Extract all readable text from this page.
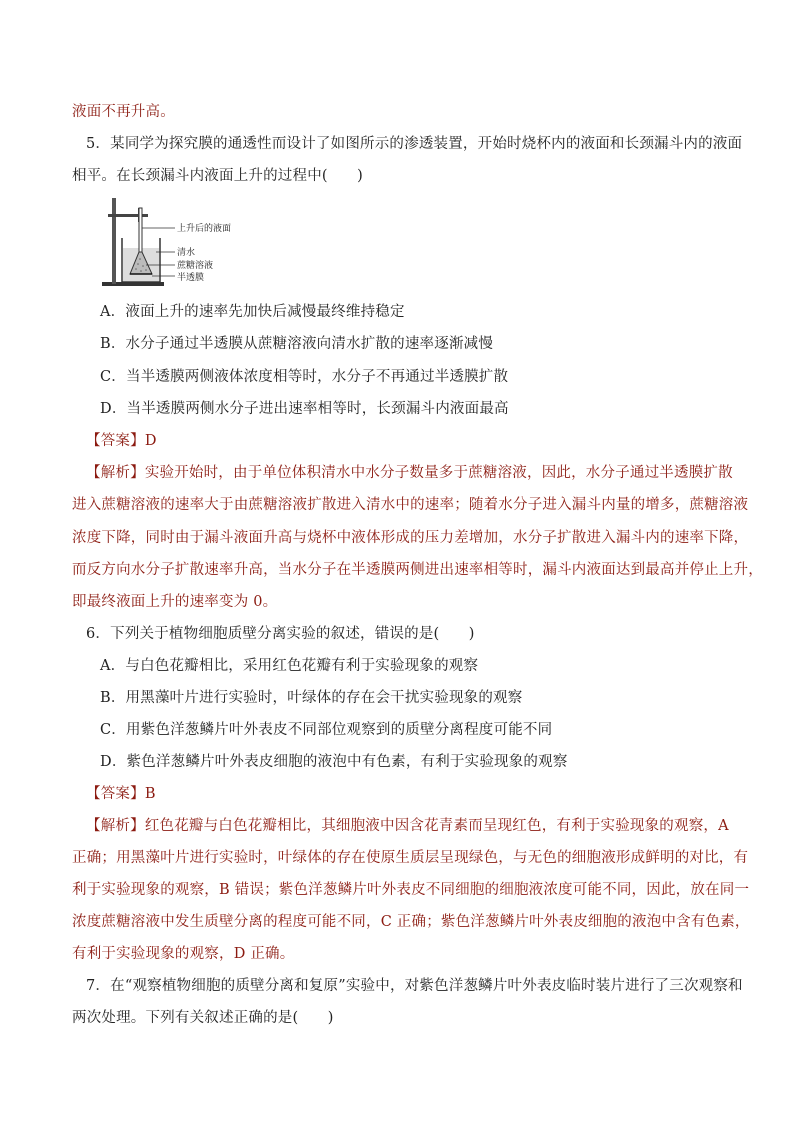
液面不再升高。
5．某同学为探究膜的通透性而设计了如图所示的渗透装置，开始时烧杯内的液面和长颈漏斗内的液面
相平。在长颈漏斗内液面上升的过程中(　　)
上升后的液面
清水
蔗糖溶液
半透膜
A．液面上升的速率先加快后减慢最终维持稳定
B．水分子通过半透膜从蔗糖溶液向清水扩散的速率逐渐减慢
C．当半透膜两侧液体浓度相等时，水分子不再通过半透膜扩散
D．当半透膜两侧水分子进出速率相等时，长颈漏斗内液面最高
【答案】D
【解析】实验开始时，由于单位体积清水中水分子数量多于蔗糖溶液，因此，水分子通过半透膜扩散
进入蔗糖溶液的速率大于由蔗糖溶液扩散进入清水中的速率；随着水分子进入漏斗内量的增多，蔗糖溶液
浓度下降，同时由于漏斗液面升高与烧杯中液体形成的压力差增加，水分子扩散进入漏斗内的速率下降，
而反方向水分子扩散速率升高，当水分子在半透膜两侧进出速率相等时，漏斗内液面达到最高并停止上升，
即最终液面上升的速率变为 0。
6．下列关于植物细胞质壁分离实验的叙述，错误的是(　　)
A．与白色花瓣相比，采用红色花瓣有利于实验现象的观察
B．用黑藻叶片进行实验时，叶绿体的存在会干扰实验现象的观察
C．用紫色洋葱鳞片叶外表皮不同部位观察到的质壁分离程度可能不同
D．紫色洋葱鳞片叶外表皮细胞的液泡中有色素，有利于实验现象的观察
【答案】B
【解析】红色花瓣与白色花瓣相比，其细胞液中因含花青素而呈现红色，有利于实验现象的观察，A
正确；用黑藻叶片进行实验时，叶绿体的存在使原生质层呈现绿色，与无色的细胞液形成鲜明的对比，有
利于实验现象的观察，B 错误；紫色洋葱鳞片叶外表皮不同细胞的细胞液浓度可能不同，因此，放在同一
浓度蔗糖溶液中发生质壁分离的程度可能不同，C 正确；紫色洋葱鳞片叶外表皮细胞的液泡中含有色素，
有利于实验现象的观察，D 正确。
7．在“观察植物细胞的质壁分离和复原”实验中，对紫色洋葱鳞片叶外表皮临时装片进行了三次观察和
两次处理。下列有关叙述正确的是(　　)
